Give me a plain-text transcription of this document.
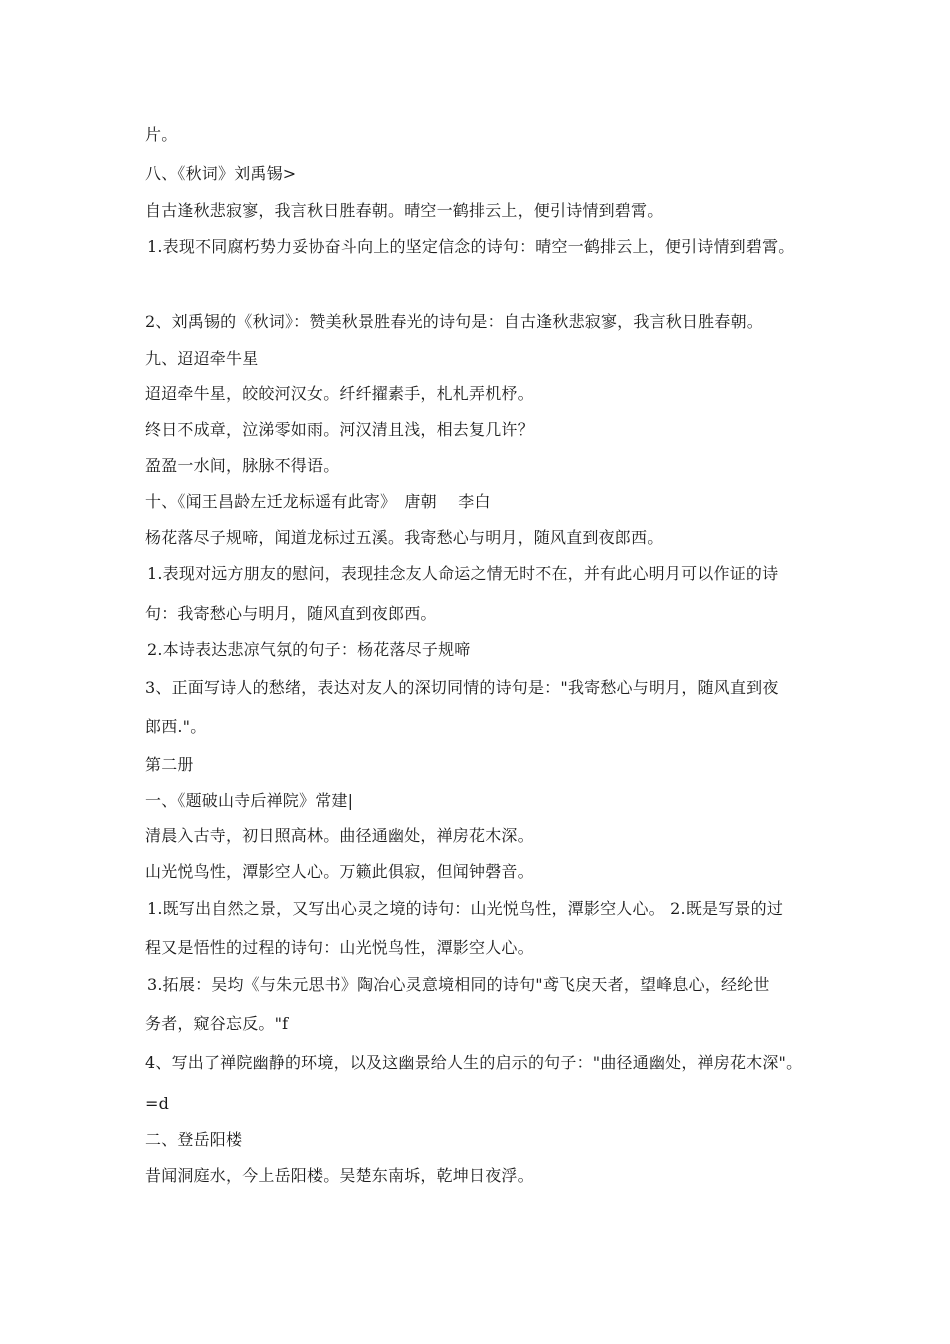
片。
八、《秋词》刘禹锡>
自古逢秋悲寂寥，我言秋日胜春朝。晴空一鹤排云上，便引诗情到碧霄。
1.表现不同腐朽势力妥协奋斗向上的坚定信念的诗句：晴空一鹤排云上，便引诗情到碧霄。
2、刘禹锡的《秋词》：赞美秋景胜春光的诗句是：自古逢秋悲寂寥，我言秋日胜春朝。
九、迢迢牵牛星
迢迢牵牛星，皎皎河汉女。纤纤擢素手，札札弄机杼。
终日不成章，泣涕零如雨。河汉清且浅，相去复几许？
盈盈一水间，脉脉不得语。
十、《闻王昌龄左迁龙标遥有此寄》　唐朝　 李白
杨花落尽子规啼，闻道龙标过五溪。我寄愁心与明月，随风直到夜郎西。
1.表现对远方朋友的慰问，表现挂念友人命运之情无时不在，并有此心明月可以作证的诗
句：我寄愁心与明月，随风直到夜郎西。
2.本诗表达悲凉气氛的句子：杨花落尽子规啼
3、正面写诗人的愁绪，表达对友人的深切同情的诗句是："我寄愁心与明月，随风直到夜
郎西."。
第二册
一、《题破山寺后禅院》常建|
清晨入古寺，初日照高林。曲径通幽处，禅房花木深。
山光悦鸟性，潭影空人心。万籁此俱寂，但闻钟磬音。
1.既写出自然之景，又写出心灵之境的诗句：山光悦鸟性，潭影空人心。 2.既是写景的过
程又是悟性的过程的诗句：山光悦鸟性，潭影空人心。
3.拓展：吴均《与朱元思书》陶冶心灵意境相同的诗句"鸢飞戾天者，望峰息心，经纶世
务者，窥谷忘反。"f
4、写出了禅院幽静的环境，以及这幽景给人生的启示的句子："曲径通幽处，禅房花木深"。
=d
二、登岳阳楼
昔闻洞庭水，今上岳阳楼。吴楚东南坼，乾坤日夜浮。
